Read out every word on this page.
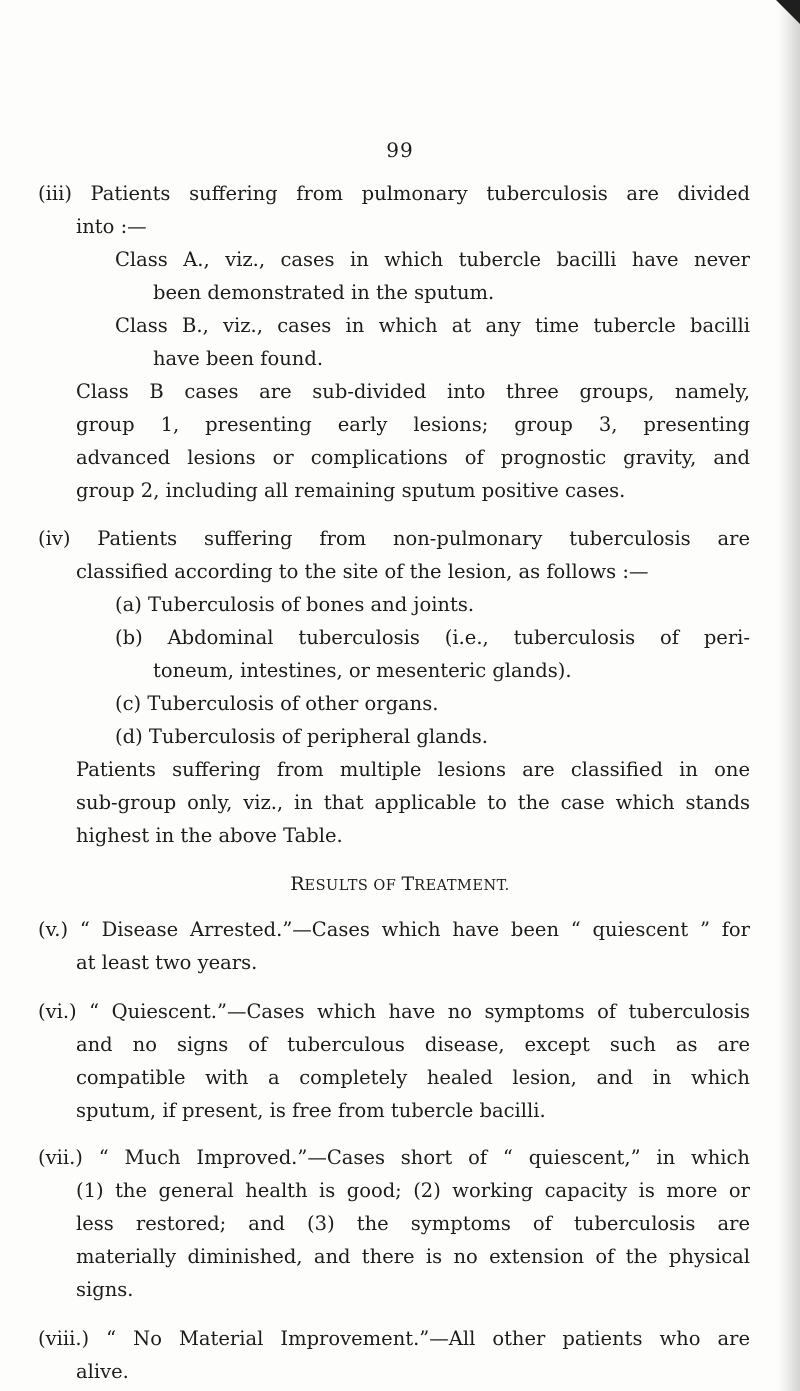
99
(iii) Patients suffering from pulmonary tuberculosis are divided
into :—
Class A., viz., cases in which tubercle bacilli have never
been demonstrated in the sputum.
Class B., viz., cases in which at any time tubercle bacilli
have been found.
Class B cases are sub-divided into three groups, namely,
group 1, presenting early lesions; group 3, presenting
advanced lesions or complications of prognostic gravity, and
group 2, including all remaining sputum positive cases.
(iv) Patients suffering from non-pulmonary tuberculosis are
classified according to the site of the lesion, as follows :—
(a) Tuberculosis of bones and joints.
(b) Abdominal tuberculosis (i.e., tuberculosis of peri-
toneum, intestines, or mesenteric glands).
(c) Tuberculosis of other organs.
(d) Tuberculosis of peripheral glands.
Patients suffering from multiple lesions are classified in one
sub-group only, viz., in that applicable to the case which stands
highest in the above Table.
RESULTS OF TREATMENT.
(v.) “ Disease Arrested.”—Cases which have been “ quiescent ” for
at least two years.
(vi.) “ Quiescent.”—Cases which have no symptoms of tuberculosis
and no signs of tuberculous disease, except such as are
compatible with a completely healed lesion, and in which
sputum, if present, is free from tubercle bacilli.
(vii.) “ Much Improved.”—Cases short of “ quiescent,” in which
(1) the general health is good; (2) working capacity is more or
less restored; and (3) the symptoms of tuberculosis are
materially diminished, and there is no extension of the physical
signs.
(viii.) “ No Material Improvement.”—All other patients who are
alive.
